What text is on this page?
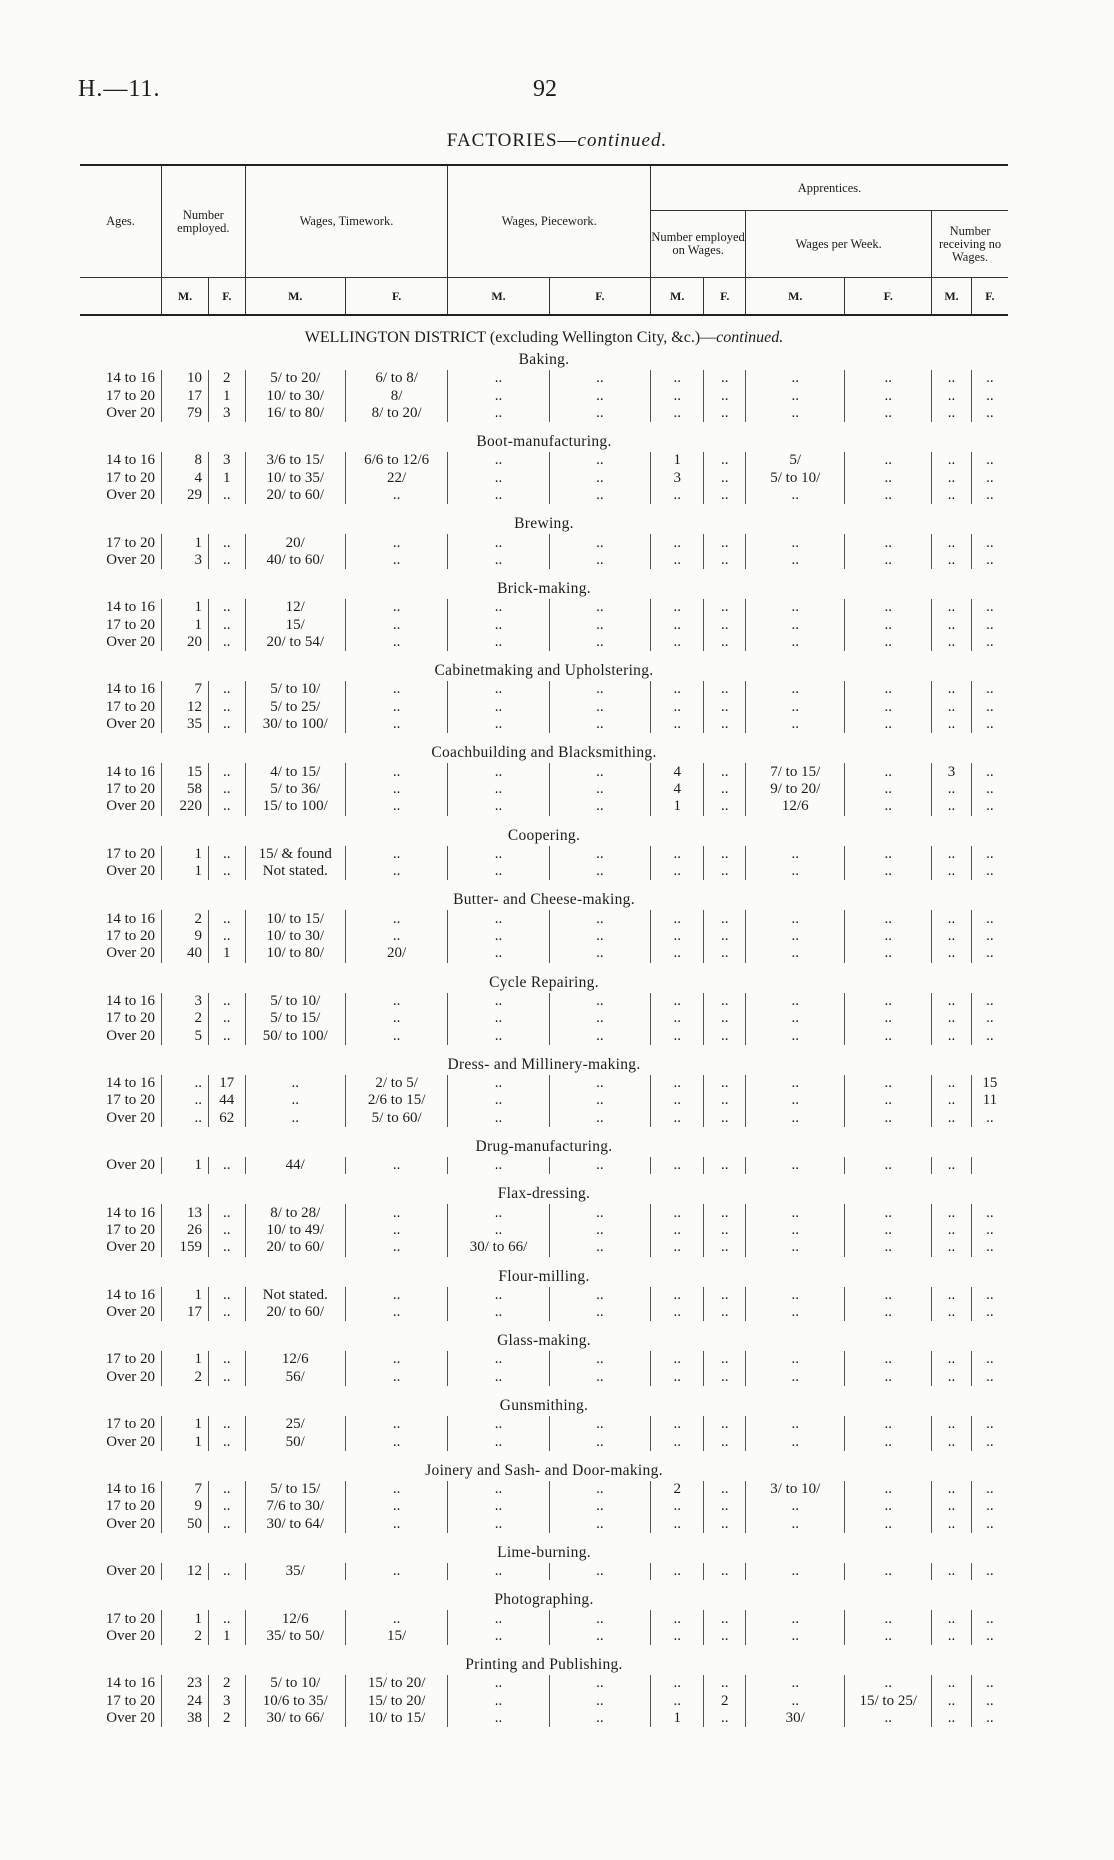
H.—11.	92
FACTORIES—continued.
Ages.	Number employed.		Wages, Timework.		Wages, Piecework.		Apprentices.					
							Number employed on Wages.		Wages per Week.		Number receiving no Wages.	
	M.	F.	M.	F.	M.	F.	M.	F.	M.	F.	M.	F.
WELLINGTON DISTRICT (excluding Wellington City, &c.)—continued.												
Baking.												
14 to 16	10	2	5/ to 20/	6/ to 8/	..	..	..	..	..	..	..	..
17 to 20	17	1	10/ to 30/	8/	..	..	..	..	..	..	..	..
Over 20	79	3	16/ to 80/	8/ to 20/	..	..	..	..	..	..	..	..

Boot-manufacturing.												
14 to 16	8	3	3/6 to 15/	6/6 to 12/6	..	..	1	..	5/	..	..	..
17 to 20	4	1	10/ to 35/	22/	..	..	3	..	5/ to 10/	..	..	..
Over 20	29	..	20/ to 60/	..	..	..	..	..	..	..	..	..

Brewing.												
17 to 20	1	..	20/	..	..	..	..	..	..	..	..	..
Over 20	3	..	40/ to 60/	..	..	..	..	..	..	..	..	..

Brick-making.												
14 to 16	1	..	12/	..	..	..	..	..	..	..	..	..
17 to 20	1	..	15/	..	..	..	..	..	..	..	..	..
Over 20	20	..	20/ to 54/	..	..	..	..	..	..	..	..	..

Cabinetmaking and Upholstering.												
14 to 16	7	..	5/ to 10/	..	..	..	..	..	..	..	..	..
17 to 20	12	..	5/ to 25/	..	..	..	..	..	..	..	..	..
Over 20	35	..	30/ to 100/	..	..	..	..	..	..	..	..	..

Coachbuilding and Blacksmithing.												
14 to 16	15	..	4/ to 15/	..	..	..	4	..	7/ to 15/	..	3	..
17 to 20	58	..	5/ to 36/	..	..	..	4	..	9/ to 20/	..	..	..
Over 20	220	..	15/ to 100/	..	..	..	1	..	12/6	..	..	..

Coopering.												
17 to 20	1	..	15/ & found	..	..	..	..	..	..	..	..	..
Over 20	1	..	Not stated.	..	..	..	..	..	..	..	..	..

Butter- and Cheese-making.												
14 to 16	2	..	10/ to 15/	..	..	..	..	..	..	..	..	..
17 to 20	9	..	10/ to 30/	..	..	..	..	..	..	..	..	..
Over 20	40	1	10/ to 80/	20/	..	..	..	..	..	..	..	..

Cycle Repairing.												
14 to 16	3	..	5/ to 10/	..	..	..	..	..	..	..	..	..
17 to 20	2	..	5/ to 15/	..	..	..	..	..	..	..	..	..
Over 20	5	..	50/ to 100/	..	..	..	..	..	..	..	..	..

Dress- and Millinery-making.												
14 to 16	..	17	..	2/ to 5/	..	..	..	..	..	..	..	15
17 to 20	..	44	..	2/6 to 15/	..	..	..	..	..	..	..	11
Over 20	..	62	..	5/ to 60/	..	..	..	..	..	..	..	..

Drug-manufacturing.												
Over 20	1	..	44/	..	..	..	..	..	..	..	..	

Flax-dressing.												
14 to 16	13	..	8/ to 28/	..	..	..	..	..	..	..	..	..
17 to 20	26	..	10/ to 49/	..	..	..	..	..	..	..	..	..
Over 20	159	..	20/ to 60/	..	30/ to 66/	..	..	..	..	..	..	..

Flour-milling.												
14 to 16	1	..	Not stated.	..	..	..	..	..	..	..	..	..
Over 20	17	..	20/ to 60/	..	..	..	..	..	..	..	..	..

Glass-making.												
17 to 20	1	..	12/6	..	..	..	..	..	..	..	..	..
Over 20	2	..	56/	..	..	..	..	..	..	..	..	..

Gunsmithing.												
17 to 20	1	..	25/	..	..	..	..	..	..	..	..	..
Over 20	1	..	50/	..	..	..	..	..	..	..	..	..

Joinery and Sash- and Door-making.												
14 to 16	7	..	5/ to 15/	..	..	..	2	..	3/ to 10/	..	..	..
17 to 20	9	..	7/6 to 30/	..	..	..	..	..	..	..	..	..
Over 20	50	..	30/ to 64/	..	..	..	..	..	..	..	..	..

Lime-burning.												
Over 20	12	..	35/	..	..	..	..	..	..	..	..	..

Photographing.												
17 to 20	1	..	12/6	..	..	..	..	..	..	..	..	..
Over 20	2	1	35/ to 50/	15/	..	..	..	..	..	..	..	..

Printing and Publishing.												
14 to 16	23	2	5/ to 10/	15/ to 20/	..	..	..	..	..	..	..	..
17 to 20	24	3	10/6 to 35/	15/ to 20/	..	..	..	2	..	15/ to 25/	..	..
Over 20	38	2	30/ to 66/	10/ to 15/	..	..	1	..	30/	..	..	..
